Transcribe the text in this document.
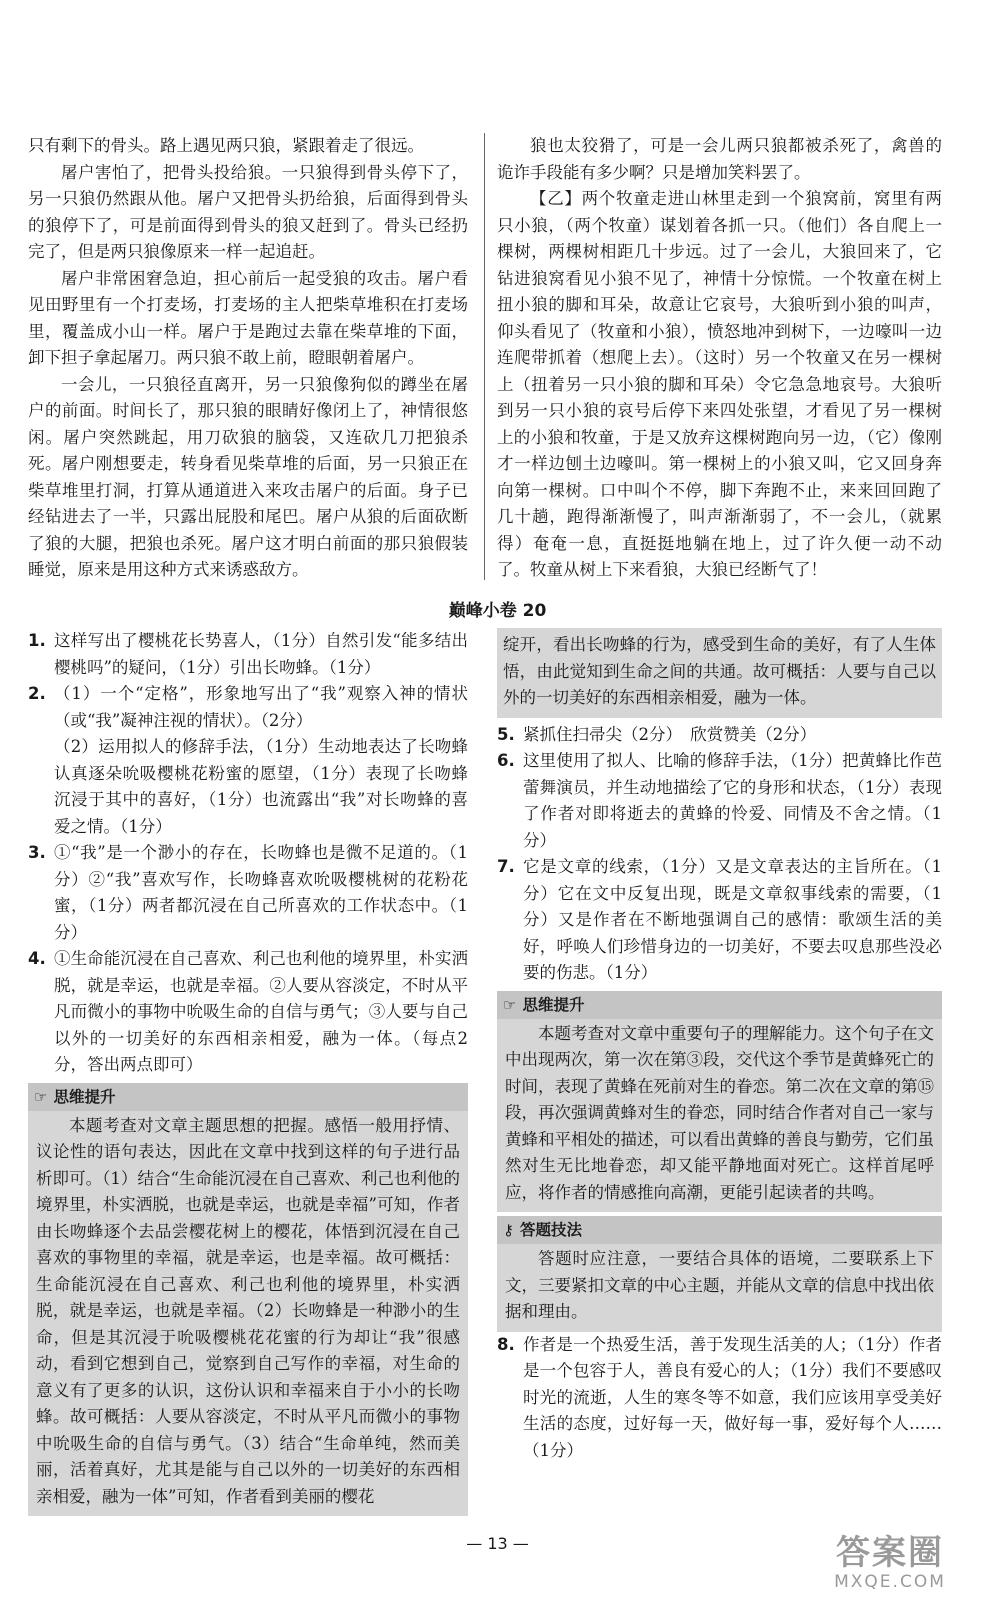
只有剩下的骨头。路上遇见两只狼，紧跟着走了很远。

屠户害怕了，把骨头投给狼。一只狼得到骨头停下了，另一只狼仍然跟从他。屠户又把骨头扔给狼，后面得到骨头的狼停下了，可是前面得到骨头的狼又赶到了。骨头已经扔完了，但是两只狼像原来一样一起追赶。

屠户非常困窘急迫，担心前后一起受狼的攻击。屠户看见田野里有一个打麦场，打麦场的主人把柴草堆积在打麦场里，覆盖成小山一样。屠户于是跑过去靠在柴草堆的下面，卸下担子拿起屠刀。两只狼不敢上前，瞪眼朝着屠户。

一会儿，一只狼径直离开，另一只狼像狗似的蹲坐在屠户的前面。时间长了，那只狼的眼睛好像闭上了，神情很悠闲。屠户突然跳起，用刀砍狼的脑袋，又连砍几刀把狼杀死。屠户刚想要走，转身看见柴草堆的后面，另一只狼正在柴草堆里打洞，打算从通道进入来攻击屠户的后面。身子已经钻进去了一半，只露出屁股和尾巴。屠户从狼的后面砍断了狼的大腿，把狼也杀死。屠户这才明白前面的那只狼假装睡觉，原来是用这种方式来诱惑敌方。

狼也太狡猾了，可是一会儿两只狼都被杀死了，禽兽的诡诈手段能有多少啊？只是增加笑料罢了。

【乙】两个牧童走进山林里走到一个狼窝前，窝里有两只小狼，（两个牧童）谋划着各抓一只。（他们）各自爬上一棵树，两棵树相距几十步远。过了一会儿，大狼回来了，它钻进狼窝看见小狼不见了，神情十分惊慌。一个牧童在树上扭小狼的脚和耳朵，故意让它哀号，大狼听到小狼的叫声，仰头看见了（牧童和小狼），愤怒地冲到树下，一边嚎叫一边连爬带抓着（想爬上去）。（这时）另一个牧童又在另一棵树上（扭着另一只小狼的脚和耳朵）令它急急地哀号。大狼听到另一只小狼的哀号后停下来四处张望，才看见了另一棵树上的小狼和牧童，于是又放弃这棵树跑向另一边，（它）像刚才一样边刨土边嚎叫。第一棵树上的小狼又叫，它又回身奔向第一棵树。口中叫个不停，脚下奔跑不止，来来回回跑了几十趟，跑得渐渐慢了，叫声渐渐弱了，不一会儿，（就累得）奄奄一息，直挺挺地躺在地上，过了许久便一动不动了。牧童从树上下来看狼，大狼已经断气了！

巅峰小卷 20
1. 这样写出了樱桃花长势喜人，（1分）自然引发“能多结出樱桃吗”的疑问，（1分）引出长吻蜂。（1分）

2. （1）一个“定格”，形象地写出了“我”观察入神的情状（或“我”凝神注视的情状）。（2分）

（2）运用拟人的修辞手法，（1分）生动地表达了长吻蜂认真逐朵吮吸樱桃花粉蜜的愿望，（1分）表现了长吻蜂沉浸于其中的喜好，（1分）也流露出“我”对长吻蜂的喜爱之情。（1分）

3. ①“我”是一个渺小的存在，长吻蜂也是微不足道的。（1分）②“我”喜欢写作，长吻蜂喜欢吮吸樱桃树的花粉花蜜，（1分）两者都沉浸在自己所喜欢的工作状态中。（1分）

4. ①生命能沉浸在自己喜欢、利己也利他的境界里，朴实洒脱，就是幸运，也就是幸福。②人要从容淡定，不时从平凡而微小的事物中吮吸生命的自信与勇气；③人要与自己以外的一切美好的东西相亲相爱，融为一体。（每点2分，答出两点即可）

☞ 思维提升

本题考查对文章主题思想的把握。感悟一般用抒情、议论性的语句表达，因此在文章中找到这样的句子进行品析即可。（1）结合“生命能沉浸在自己喜欢、利己也利他的境界里，朴实洒脱，也就是幸运，也就是幸福”可知，作者由长吻蜂逐个去品尝樱花树上的樱花，体悟到沉浸在自己喜欢的事物里的幸福，就是幸运，也是幸福。故可概括：生命能沉浸在自己喜欢、利己也利他的境界里，朴实洒脱，就是幸运，也就是幸福。（2）长吻蜂是一种渺小的生命，但是其沉浸于吮吸樱桃花花蜜的行为却让“我”很感动，看到它想到自己，觉察到自己写作的幸福，对生命的意义有了更多的认识，这份认识和幸福来自于小小的长吻蜂。故可概括：人要从容淡定，不时从平凡而微小的事物中吮吸生命的自信与勇气。（3）结合“生命单纯，然而美丽，活着真好，尤其是能与自己以外的一切美好的东西相亲相爱，融为一体”可知，作者看到美丽的樱花

绽开，看出长吻蜂的行为，感受到生命的美好，有了人生体悟，由此觉知到生命之间的共通。故可概括：人要与自己以外的一切美好的东西相亲相爱，融为一体。

5. 紧抓住扫帚尖（2分）　欣赏赞美（2分）

6. 这里使用了拟人、比喻的修辞手法，（1分）把黄蜂比作芭蕾舞演员，并生动地描绘了它的身形和状态，（1分）表现了作者对即将逝去的黄蜂的怜爱、同情及不舍之情。（1分）

7. 它是文章的线索，（1分）又是文章表达的主旨所在。（1分）它在文中反复出现，既是文章叙事线索的需要，（1分）又是作者在不断地强调自己的感情：歌颂生活的美好，呼唤人们珍惜身边的一切美好，不要去叹息那些没必要的伤悲。（1分）

☞ 思维提升

本题考查对文章中重要句子的理解能力。这个句子在文中出现两次，第一次在第③段，交代这个季节是黄蜂死亡的时间，表现了黄蜂在死前对生的眷恋。第二次在文章的第⑮段，再次强调黄蜂对生的眷恋，同时结合作者对自己一家与黄蜂和平相处的描述，可以看出黄蜂的善良与勤劳，它们虽然对生无比地眷恋，却又能平静地面对死亡。这样首尾呼应，将作者的情感推向高潮，更能引起读者的共鸣。

⚷ 答题技法

答题时应注意，一要结合具体的语境，二要联系上下文，三要紧扣文章的中心主题，并能从文章的信息中找出依据和理由。

8. 作者是一个热爱生活，善于发现生活美的人；（1分）作者是一个包容于人，善良有爱心的人；（1分）我们不要感叹时光的流逝，人生的寒冬等不如意，我们应该用享受美好生活的态度，过好每一天，做好每一事，爱好每个人……（1分）

— 13 —	答案圈
MXQE.COM
